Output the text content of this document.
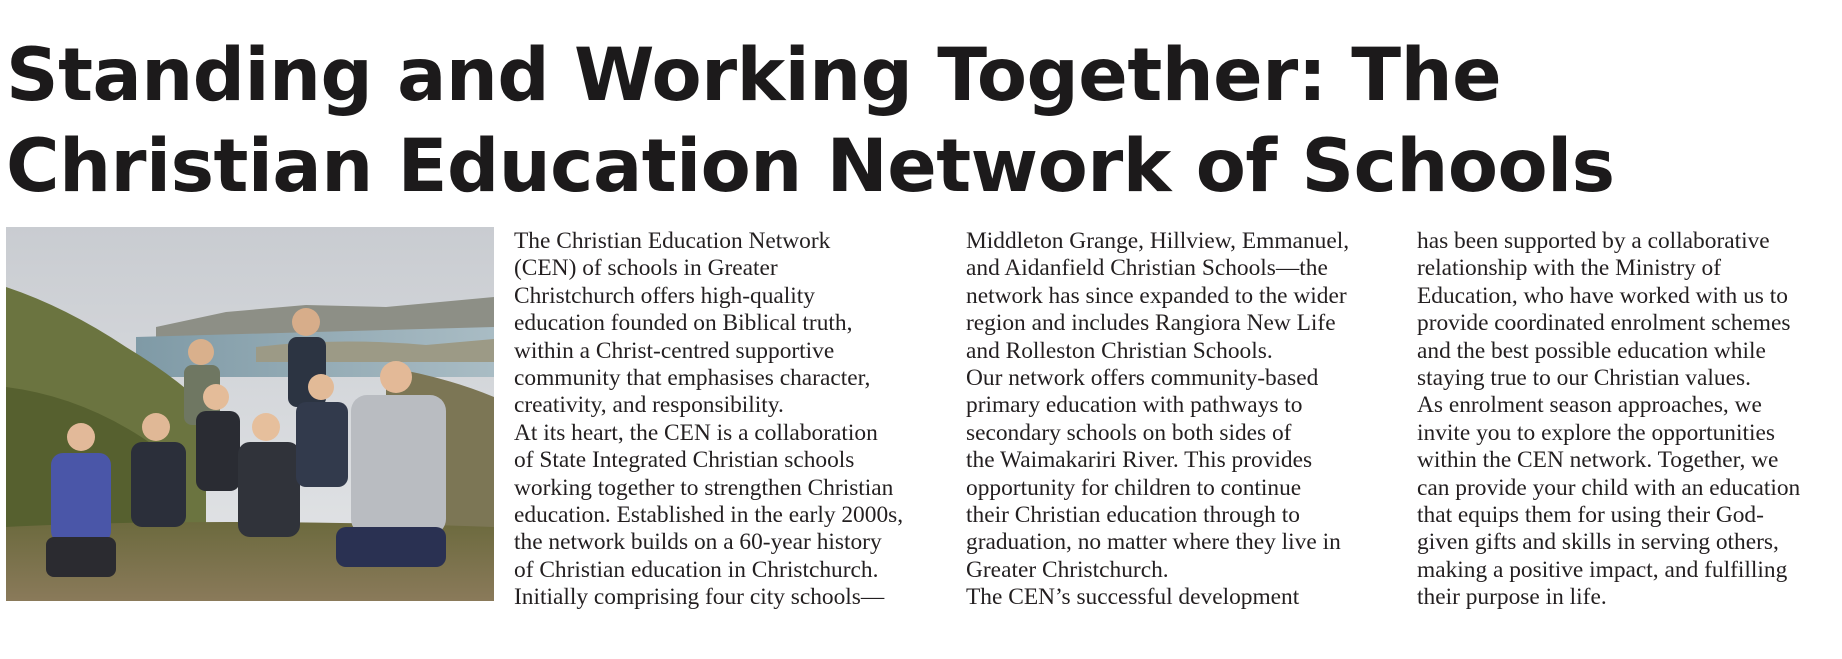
Standing and Working Together: The
Christian Education Network of Schools

The Christian Education Network
(CEN) of schools in Greater
Christchurch offers high-quality
education founded on Biblical truth,
within a Christ-centred supportive
community that emphasises character,
creativity, and responsibility.

At its heart, the CEN is a collaboration
of State Integrated Christian schools
working together to strengthen Christian
education. Established in the early 2000s,
the network builds on a 60-year history
of Christian education in Christchurch.
Initially comprising four city schools—

Middleton Grange, Hillview, Emmanuel,
and Aidanfield Christian Schools—the
network has since expanded to the wider
region and includes Rangiora New Life
and Rolleston Christian Schools.

Our network offers community-based
primary education with pathways to
secondary schools on both sides of
the Waimakariri River. This provides
opportunity for children to continue
their Christian education through to
graduation, no matter where they live in
Greater Christchurch.

The CEN’s successful development

has been supported by a collaborative
relationship with the Ministry of
Education, who have worked with us to
provide coordinated enrolment schemes
and the best possible education while
staying true to our Christian values.

As enrolment season approaches, we
invite you to explore the opportunities
within the CEN network. Together, we
can provide your child with an education
that equips them for using their God-
given gifts and skills in serving others,
making a positive impact, and fulfilling
their purpose in life.
